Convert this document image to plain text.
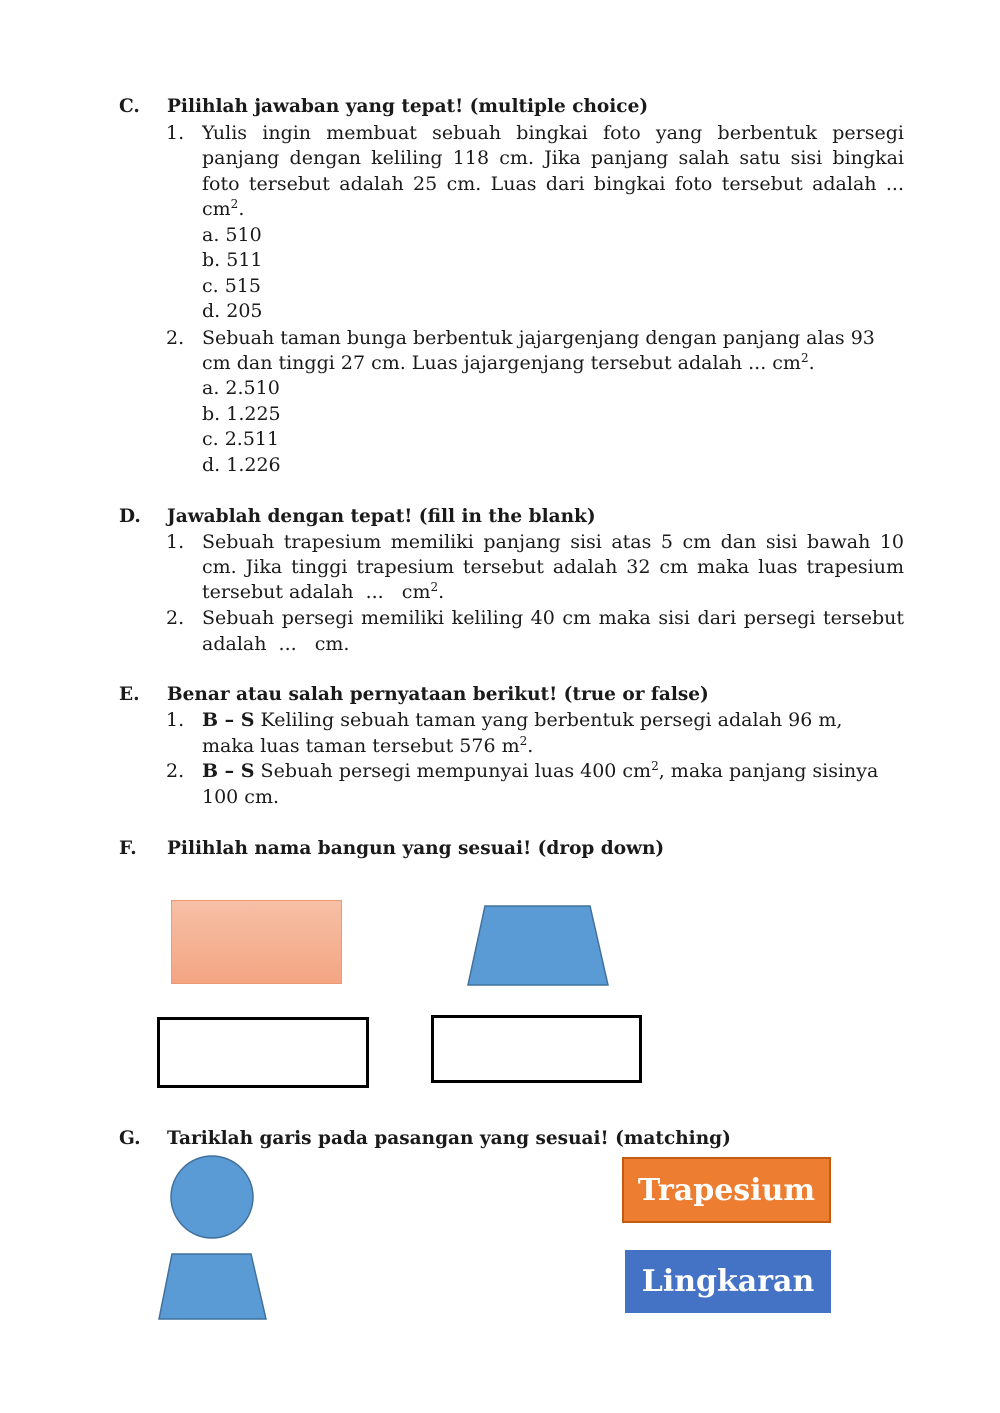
C. Pilihlah jawaban yang tepat! (multiple choice)
1. Yulis ingin membuat sebuah bingkai foto yang berbentuk persegi
panjang dengan keliling 118 cm. Jika panjang salah satu sisi bingkai
foto tersebut adalah 25 cm. Luas dari bingkai foto tersebut adalah ...
$cm^2$.
a. 510
b. 511
c. 515
d. 205
2. Sebuah taman bunga berbentuk jajargenjang dengan panjang alas 93
cm dan tinggi 27 cm. Luas jajargenjang tersebut adalah ... $cm^2$.
a. 2.510
b. 1.225
c. 2.511
d. 1.226
D. Jawablah dengan tepat! (fill in the blank)
1. Sebuah trapesium memiliki panjang sisi atas 5 cm dan sisi bawah 10
cm. Jika tinggi trapesium tersebut adalah 32 cm maka luas trapesium
tersebut adalah  ...   $cm^2$.
2. Sebuah persegi memiliki keliling 40 cm maka sisi dari persegi tersebut
adalah  ...   cm.
E. Benar atau salah pernyataan berikut! (true or false)
1. B – S Keliling sebuah taman yang berbentuk persegi adalah 96 m,
maka luas taman tersebut 576 $m^2$.
2. B – S Sebuah persegi mempunyai luas 400 $cm^2$, maka panjang sisinya
100 cm.
F. Pilihlah nama bangun yang sesuai! (drop down)
G. Tariklah garis pada pasangan yang sesuai! (matching)
Trapesium
Lingkaran
